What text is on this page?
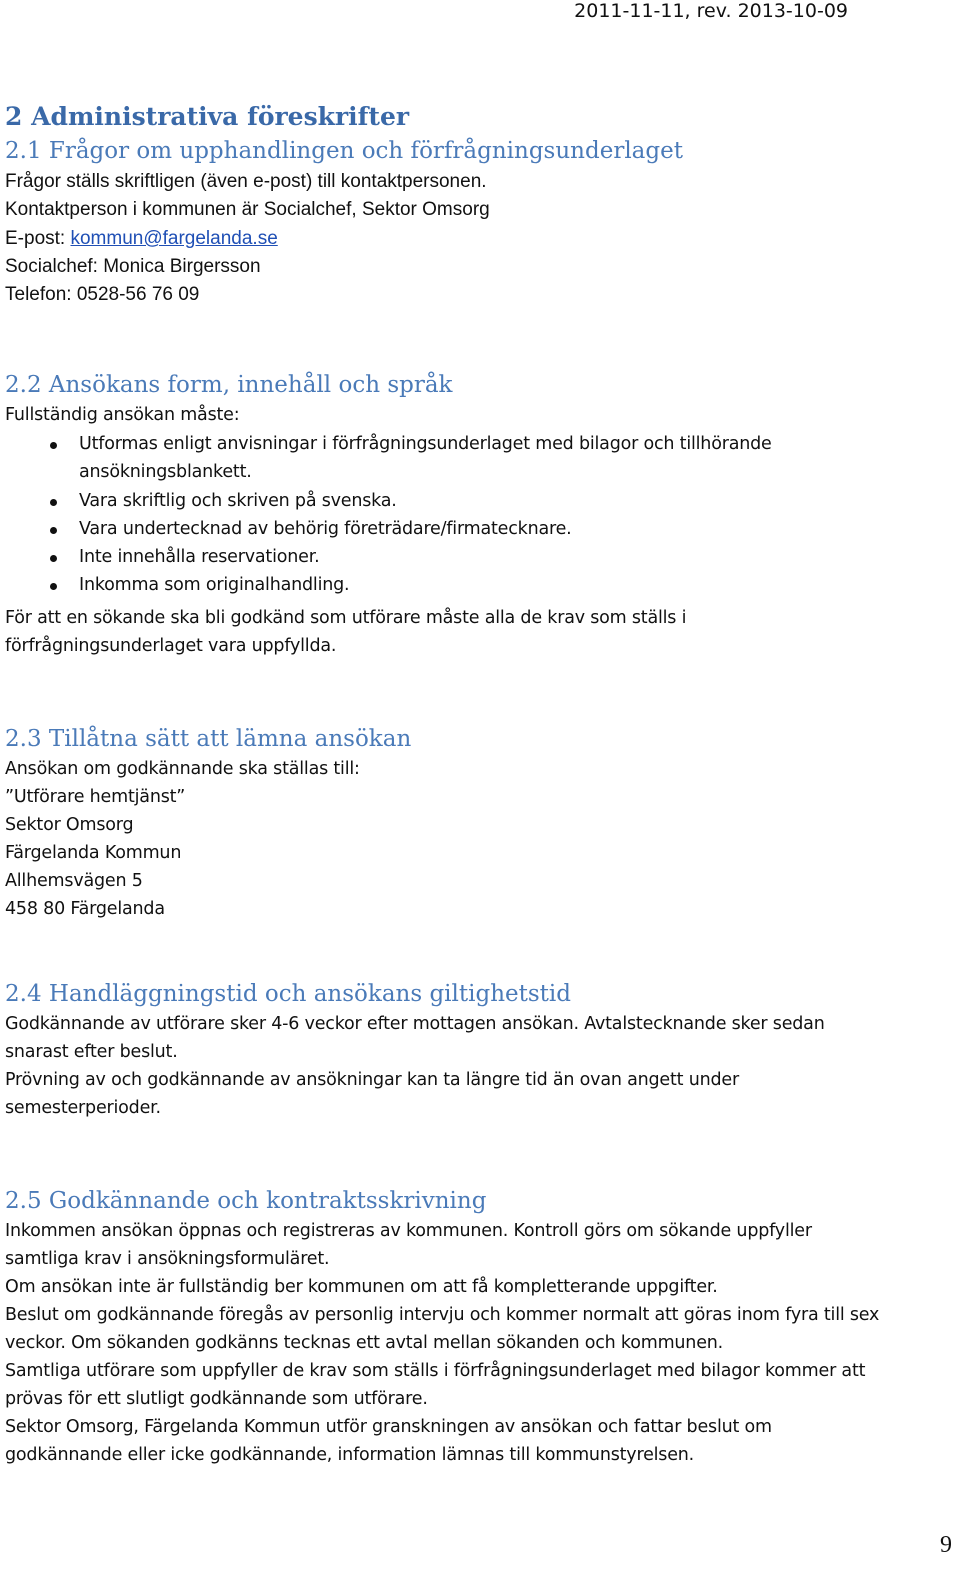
2011-11-11, rev. 2013-10-09
2 Administrativa föreskrifter
2.1 Frågor om upphandlingen och förfrågningsunderlaget
Frågor ställs skriftligen (även e-post) till kontaktpersonen.
Kontaktperson i kommunen är Socialchef, Sektor Omsorg
E-post: kommun@fargelanda.se
Socialchef: Monica Birgersson
Telefon: 0528-56 76 09
2.2 Ansökans form, innehåll och språk
Fullständig ansökan måste:
Utformas enligt anvisningar i förfrågningsunderlaget med bilagor och tillhörande
ansökningsblankett.
Vara skriftlig och skriven på svenska.
Vara undertecknad av behörig företrädare/firmatecknare.
Inte innehålla reservationer.
Inkomma som originalhandling.
För att en sökande ska bli godkänd som utförare måste alla de krav som ställs i
förfrågningsunderlaget vara uppfyllda.
2.3 Tillåtna sätt att lämna ansökan
Ansökan om godkännande ska ställas till:
”Utförare hemtjänst”
Sektor Omsorg
Färgelanda Kommun
Allhemsvägen 5
458 80 Färgelanda
2.4 Handläggningstid och ansökans giltighetstid
Godkännande av utförare sker 4-6 veckor efter mottagen ansökan. Avtalstecknande sker sedan
snarast efter beslut.
Prövning av och godkännande av ansökningar kan ta längre tid än ovan angett under
semesterperioder.
2.5 Godkännande och kontraktsskrivning
Inkommen ansökan öppnas och registreras av kommunen. Kontroll görs om sökande uppfyller
samtliga krav i ansökningsformuläret.
Om ansökan inte är fullständig ber kommunen om att få kompletterande uppgifter.
Beslut om godkännande föregås av personlig intervju och kommer normalt att göras inom fyra till sex
veckor. Om sökanden godkänns tecknas ett avtal mellan sökanden och kommunen.
Samtliga utförare som uppfyller de krav som ställs i förfrågningsunderlaget med bilagor kommer att
prövas för ett slutligt godkännande som utförare.
Sektor Omsorg, Färgelanda Kommun utför granskningen av ansökan och fattar beslut om
godkännande eller icke godkännande, information lämnas till kommunstyrelsen.
9
